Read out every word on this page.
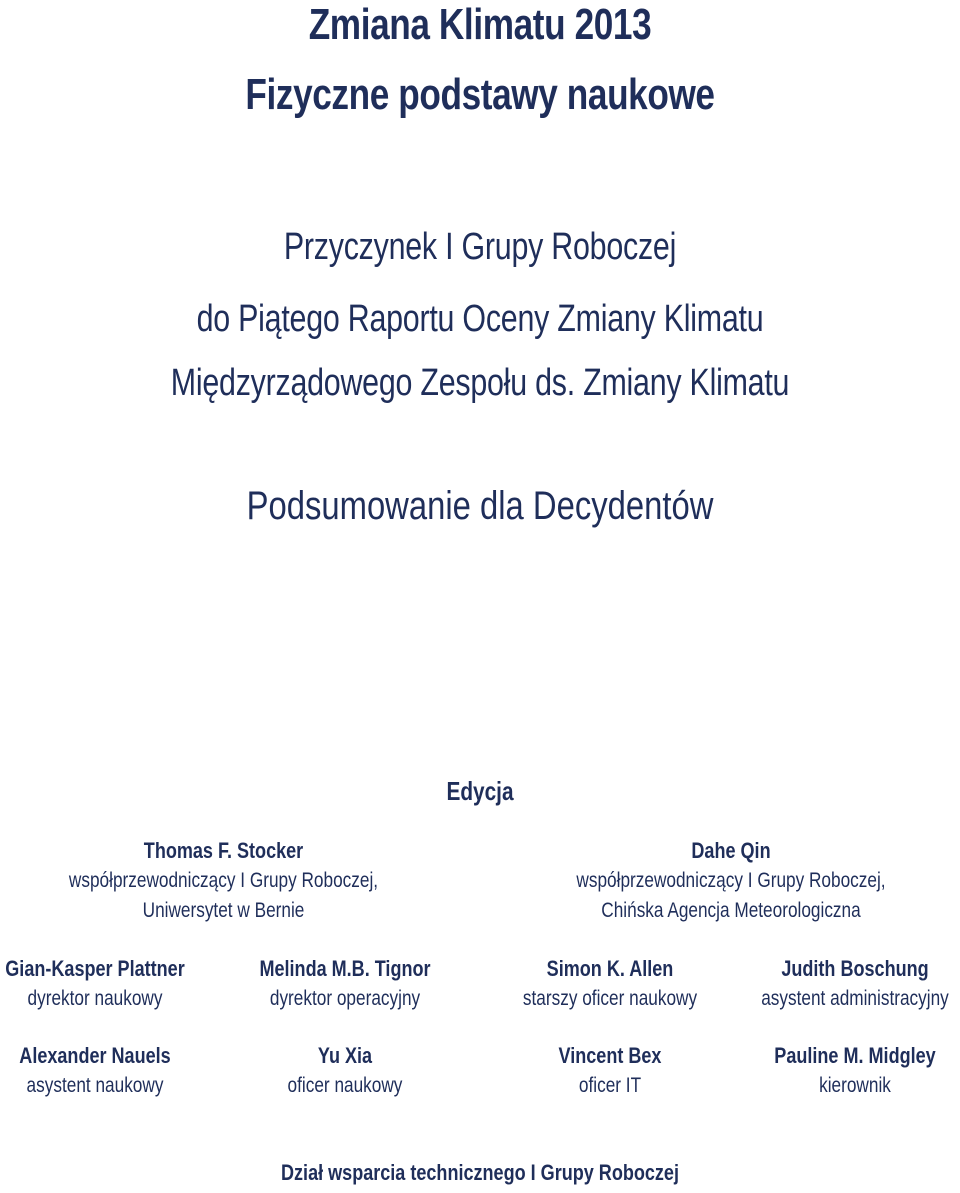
Zmiana Klimatu 2013
Fizyczne podstawy naukowe
Przyczynek I Grupy Roboczej
do Piątego Raportu Oceny Zmiany Klimatu
Międzyrządowego Zespołu ds. Zmiany Klimatu
Podsumowanie dla Decydentów
Edycja
Thomas F. Stocker
współprzewodniczący I Grupy Roboczej,
Uniwersytet w Bernie
Dahe Qin
współprzewodniczący I Grupy Roboczej,
Chińska Agencja Meteorologiczna
Gian-Kasper Plattner
dyrektor naukowy
Melinda M.B. Tignor
dyrektor operacyjny
Simon K. Allen
starszy oficer naukowy
Judith Boschung
asystent administracyjny
Alexander Nauels
asystent naukowy
Yu Xia
oficer naukowy
Vincent Bex
oficer IT
Pauline M. Midgley
kierownik
Dział wsparcia technicznego I Grupy Roboczej
